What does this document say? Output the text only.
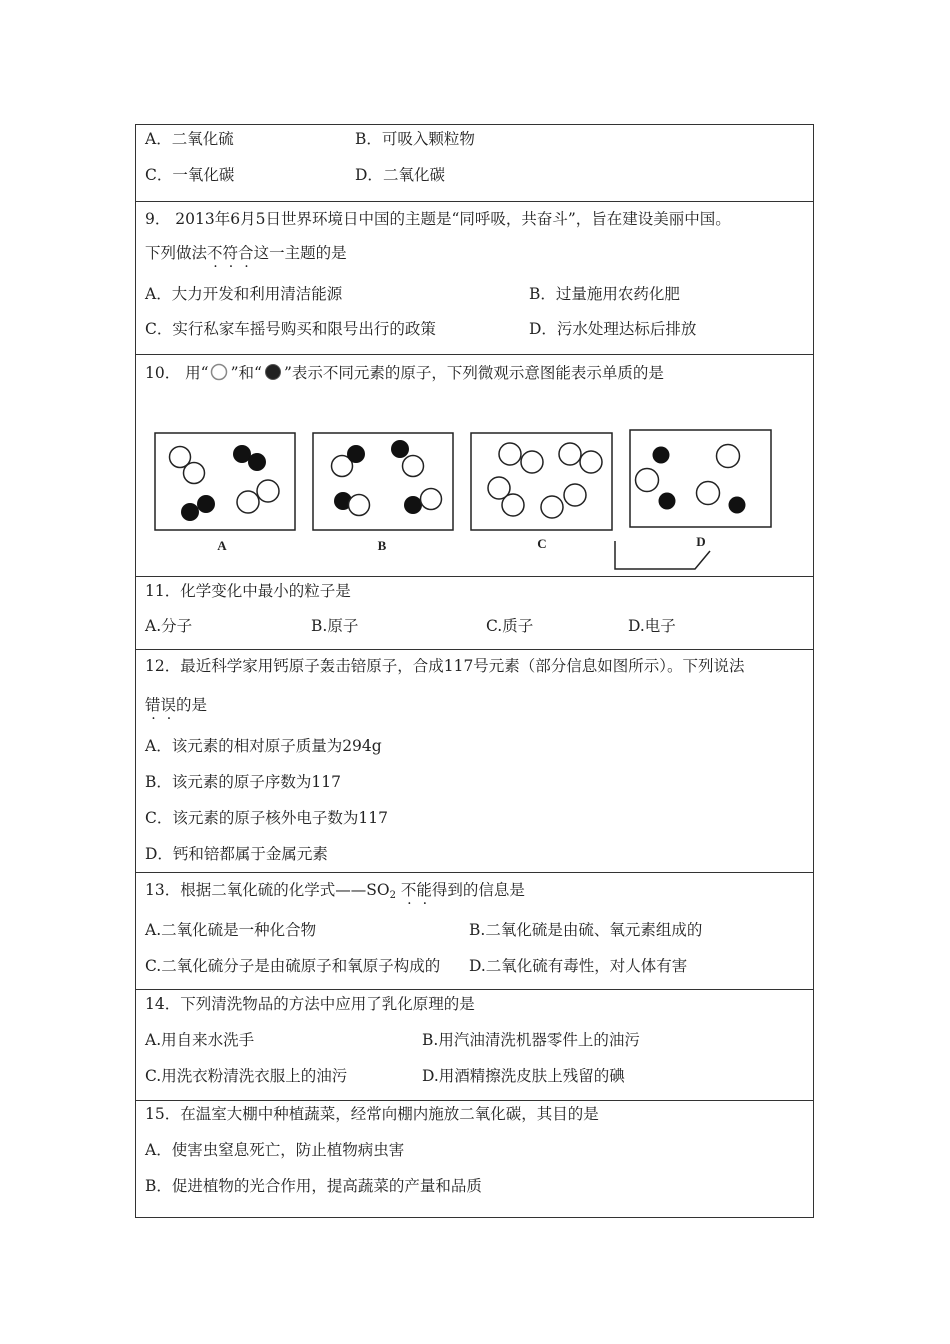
A．二氧化硫	B．可吸入颗粒物
C．一氧化碳	D．二氧化碳
9． 2013年6月5日世界环境日中国的主题是“同呼吸，共奋斗”，旨在建设美丽中国。
下列做法不符合这一主题的是
A．大力开发和利用清洁能源	B．过量施用农药化肥
C．实行私家车摇号购买和限号出行的政策	D．污水处理达标后排放
10． 用“ ”和“ ”表示不同元素的原子，下列微观示意图能表示单质的是
A	B	C	D
11．化学变化中最小的粒子是
A.分子	B.原子	C.质子	D.电子
12．最近科学家用钙原子轰击锫原子，合成117号元素（部分信息如图所示）。下列说法
错误的是
A．该元素的相对原子质量为294g
B．该元素的原子序数为117
C．该元素的原子核外电子数为117
D．钙和锫都属于金属元素
13．根据二氧化硫的化学式$——SO_2$ 不能得到的信息是
A.二氧化硫是一种化合物	B.二氧化硫是由硫、氧元素组成的
C.二氧化硫分子是由硫原子和氧原子构成的 D.二氧化硫有毒性，对人体有害
14．下列清洗物品的方法中应用了乳化原理的是
A.用自来水洗手	B.用汽油清洗机器零件上的油污
C.用洗衣粉清洗衣服上的油污	D.用酒精擦洗皮肤上残留的碘
15．在温室大棚中种植蔬菜，经常向棚内施放二氧化碳，其目的是
A．使害虫窒息死亡，防止植物病虫害
B．促进植物的光合作用，提高蔬菜的产量和品质
